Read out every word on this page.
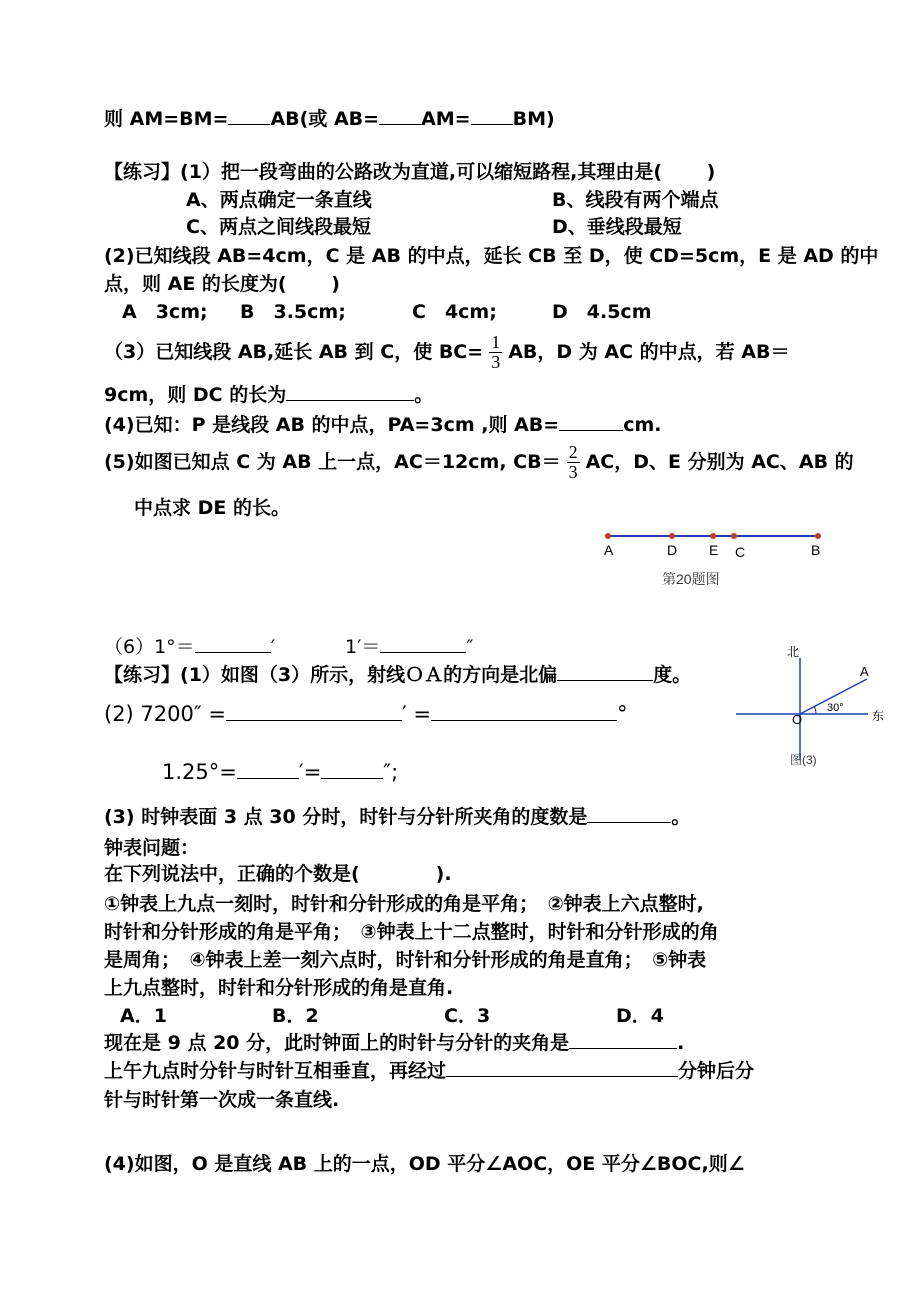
则 AM=BM= AB(或 AB= AM= BM)
【练习】(1）把一段弯曲的公路改为直道,可以缩短路程,其理由是(　　 )
A、两点确定一条直线	B、线段有两个端点
C、两点之间线段最短	D、垂线段最短
(2)已知线段 AB=4cm，C 是 AB 的中点，延长 CB 至 D，使 CD=5cm，E 是 AD 的中
点，则 AE 的长度为(　　 )
A　3cm; B　3.5cm;	C　4cm;	D　4.5cm
（3）已知线段 AB,延长 AB 到 C，使 $BC= \frac{1}{3}$ AB，D 为 AC 的中点，若 AB＝
9cm，则 DC 的长为	。
(4)已知：P 是线段 AB 的中点，PA=3cm ,则 AB=	cm.
(5)如图已知点 C 为 AB 上一点，AC＝12cm, $CB= \frac{2}{3}$ AC，D、E 分别为 AC、AB 的
中点求 DE 的长。
A	D E C	B
第20题图
（6）1°＝	′	1′＝	″
【练习】(1）如图（3）所示，射线ＯＡ的方向是北偏	度。
(2) 7200″ =	′ =	°
1.25°=	′=	″;
北
东
O
A
30°
图(3)
(3) 时钟表面 3 点 30 分时，时针与分针所夹角的度数是	。
钟表问题：
在下列说法中，正确的个数是(　　　　).
①钟表上九点一刻时，时针和分针形成的角是平角；　②钟表上六点整时,
时针和分针形成的角是平角；　③钟表上十二点整时，时针和分针形成的角
是周角；　④钟表上差一刻六点时，时针和分针形成的角是直角；　⑤钟表
上九点整时，时针和分针形成的角是直角.
A．1	B．2	C．3	D．4
现在是 9 点 20 分，此时钟面上的时针与分针的夹角是	.
上午九点时分针与时针互相垂直，再经过	分钟后分
针与时针第一次成一条直线.
(4)如图，O 是直线 AB 上的一点，OD 平分∠AOC，OE 平分∠BOC,则∠
